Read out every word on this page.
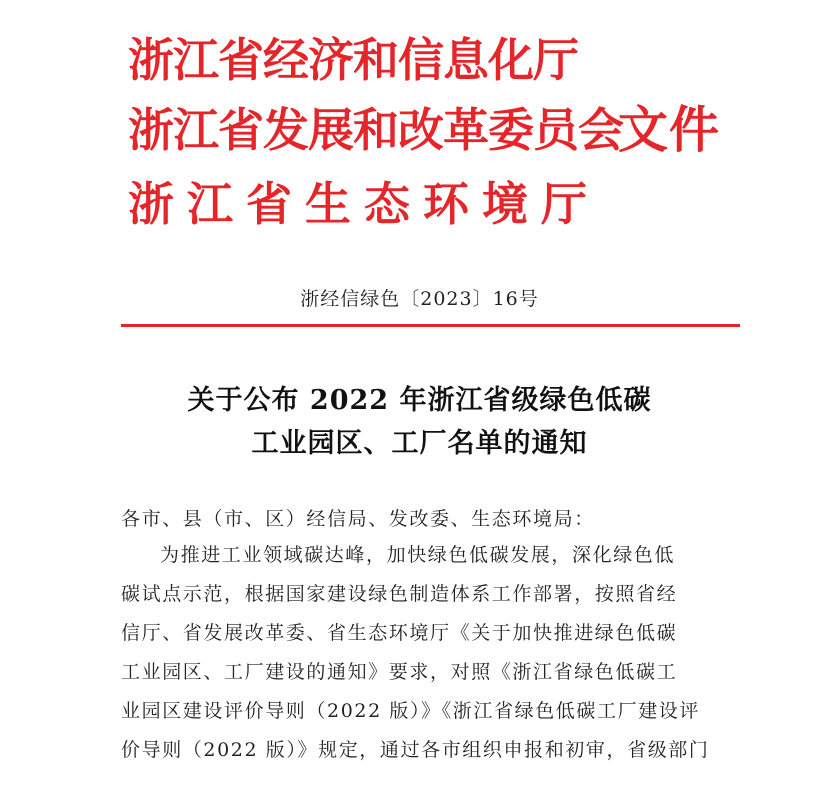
浙江省经济和信息化厅
浙江省发展和改革委员会
浙江省生态环境厅
文件
浙经信绿色〔2023〕16号
关于公布 2022 年浙江省级绿色低碳
工业园区、工厂名单的通知
各市、县（市、区）经信局、发改委、生态环境局：
为推进工业领域碳达峰，加快绿色低碳发展，深化绿色低
碳试点示范，根据国家建设绿色制造体系工作部署，按照省经
信厅、省发展改革委、省生态环境厅《关于加快推进绿色低碳
工业园区、工厂建设的通知》要求，对照《浙江省绿色低碳工
业园区建设评价导则（2022 版）》《浙江省绿色低碳工厂建设评
价导则（2022 版）》规定，通过各市组织申报和初审，省级部门
